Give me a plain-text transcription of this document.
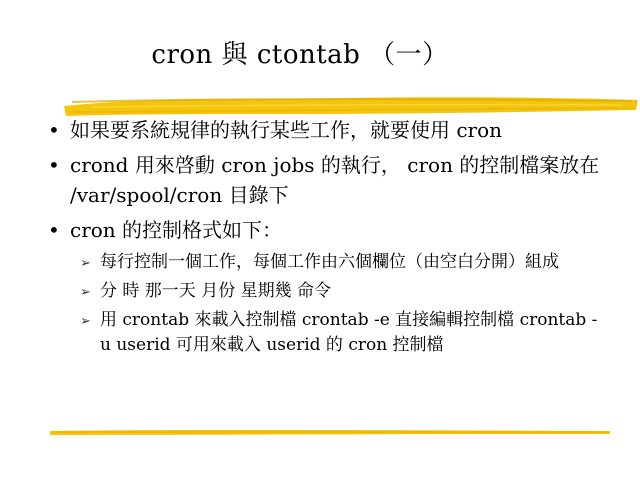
cron 與 ctontab （一）
• 如果要系統規律的執行某些工作，就要使用 cron
• crond 用來啓動 cron jobs 的執行， cron 的控制檔案放在 /var/spool/cron 目錄下
• cron 的控制格式如下：
➢ 每行控制一個工作，每個工作由六個欄位（由空白分開）組成
➢ 分 時 那一天 月份 星期幾 命令
➢ 用 crontab 來載入控制檔 crontab -e 直接編輯控制檔 crontab -u userid 可用來載入 userid 的 cron 控制檔
